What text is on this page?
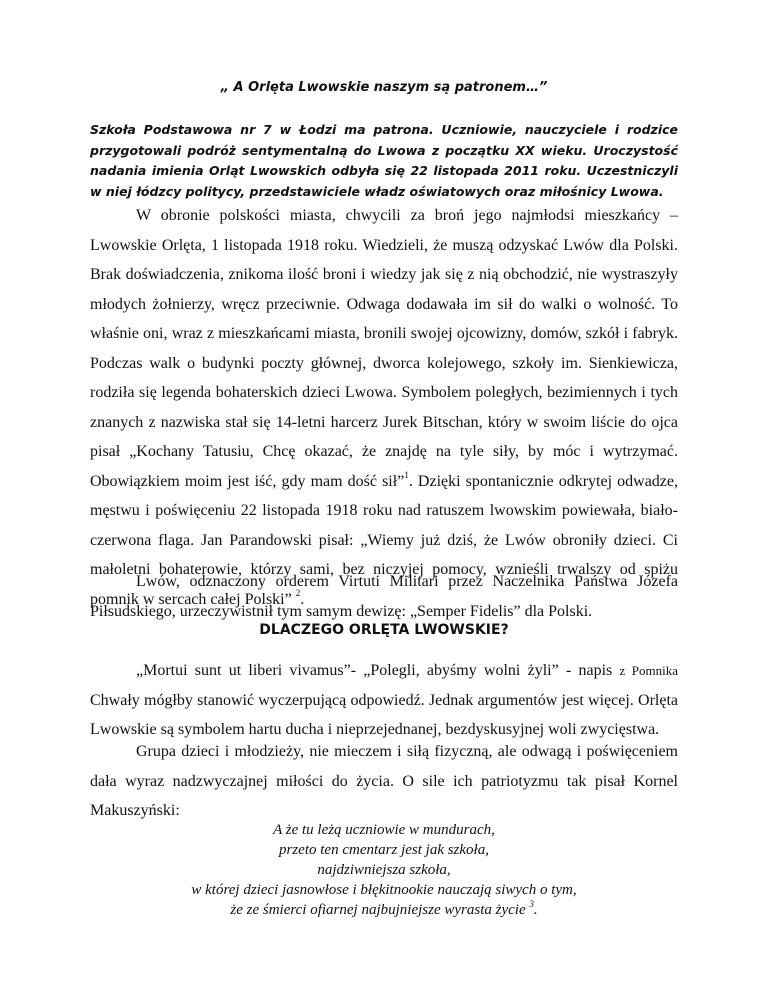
„ A Orlęta Lwowskie naszym są patronem…”

Szkoła Podstawowa nr 7 w Łodzi ma patrona. Uczniowie, nauczyciele i rodzice przygotowali podróż sentymentalną do Lwowa z początku XX wieku. Uroczystość nadania imienia Orląt Lwowskich odbyła się 22 listopada 2011 roku. Uczestniczyli w niej łódzcy politycy, przedstawiciele władz oświatowych oraz miłośnicy Lwowa.

W obronie polskości miasta, chwycili za broń jego najmłodsi mieszkańcy – Lwowskie Orlęta, 1 listopada 1918 roku. Wiedzieli, że muszą odzyskać Lwów dla Polski. Brak doświadczenia, znikoma ilość broni i wiedzy jak się z nią obchodzić, nie wystraszyły młodych żołnierzy, wręcz przeciwnie. Odwaga dodawała im sił do walki o wolność. To właśnie oni, wraz z mieszkańcami miasta, bronili swojej ojcowizny, domów, szkół i fabryk. Podczas walk o budynki poczty głównej, dworca kolejowego, szkoły im. Sienkiewicza, rodziła się legenda bohaterskich dzieci Lwowa. Symbolem poległych, bezimiennych i tych znanych z nazwiska stał się 14-letni harcerz Jurek Bitschan, który w swoim liście do ojca pisał „Kochany Tatusiu, Chcę okazać, że znajdę na tyle siły, by móc i wytrzymać. Obowiązkiem moim jest iść, gdy mam dość sił”$^1$. Dzięki spontanicznie odkrytej odwadze, męstwu i poświęceniu 22 listopada 1918 roku nad ratuszem lwowskim powiewała, biało-czerwona flaga. Jan Parandowski pisał: „Wiemy już dziś, że Lwów obroniły dzieci. Ci małoletni bohaterowie, którzy sami, bez niczyjej pomocy, wznieśli trwalszy od spiżu pomnik w sercach całej Polski” $^2$.

Lwów, odznaczony orderem Virtuti Militari przez Naczelnika Państwa Józefa Piłsudskiego, urzeczywistnił tym samym dewizę: „Semper Fidelis” dla Polski.

DLACZEGO ORLĘTA LWOWSKIE?

„Mortui sunt ut liberi vivamus”- „Polegli, abyśmy wolni żyli” - napis z Pomnika Chwały mógłby stanowić wyczerpującą odpowiedź. Jednak argumentów jest więcej. Orlęta Lwowskie są symbolem hartu ducha i nieprzejednanej, bezdyskusyjnej woli zwycięstwa.

Grupa dzieci i młodzieży, nie mieczem i siłą fizyczną, ale odwagą i poświęceniem dała wyraz nadzwyczajnej miłości do życia. O sile ich patriotyzmu tak pisał Kornel Makuszyński:

A że tu leżą uczniowie w mundurach,
przeto ten cmentarz jest jak szkoła,
najdziwniejsza szkoła,
w której dzieci jasnowłose i błękitnookie nauczają siwych o tym,
że ze śmierci ofiarnej najbujniejsze wyrasta życie $^3$.
